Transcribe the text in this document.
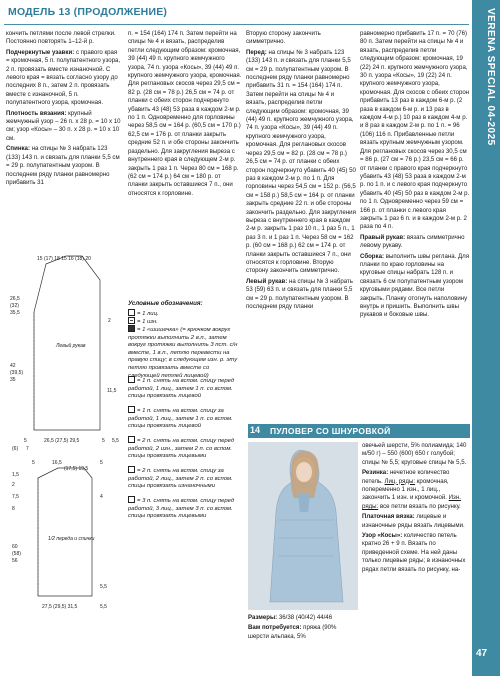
МОДЕЛЬ 13 (ПРОДОЛЖЕНИЕ)	VERENA SPECIAL 04-2025
47

кончить петлями после левой стрелки. Постоянно повторять 1–12-й р.

Подчеркнутые узавки: с правого края = кромочная, 5 п. полупатентного узора, 2 п. провязать вместе изнаночной. С левого края = вязать согласно узору до последних 8 п., затем 2 п. провязать вместе с изнаночной, 5 п. полупатентного узора, кромочная.

Плотность вязания: крупный жемчужный узор – 26 п. x 28 р. = 10 x 10 см; узор «Косы» – 30 п. x 28 р. = 10 x 10 см.

Спинка: на спицы № 3 набрать 123 (133) 143 п. и связать для планки 5,5 см = 29 р. полупатентным узором. В последнем ряду планки равномерно прибавить 31

п. = 154 (164) 174 п. Затем перейти на спицы № 4 и вязать, распределив петли следующим образом: кромочная, 39 (44) 49 п. крупного жемчужного узора, 74 п. узора «Косы», 39 (44) 49 п. крупного жемчужного узора, кромочная. Для реглановых скосов через 29,5 см = 82 р. (28 см = 78 р.) 26,5 см = 74 р. от планки с обеих сторон подчеркнуто убавить 43 (48) 53 раза в каждом 2-м р. по 1 п. Одновременно для горловины через 58,5 см = 164 р. (60,5 см = 170 р.) 62,5 см = 176 р. от планки закрыть средние 52 п. и обе стороны закончить раздельно. Для закругления выреза с внутреннего края в следующем 2-м р. закрыть 1 раз 1 п. Через 80 см = 168 р. (62 см = 174 р.) 64 см = 180 р. от планки закрыть оставшиеся 7 п., они относятся к горловине.

Условные обозначения:
= 1 лиц.
= 1 изн.
= 1 «шишечка» (= крючком вокруг протяжки выполнить 2 в.п., затем вокруг протяжки выполнить 3 пст. с/н вместе, 1 в.п., петлю перевести на правую спицу; в следующем изн. р. эту петлю провязать вместе со следующей петлей лицевой)
= 1 п. снять на вспом. спицу перед работой, 1 лиц., затем 1 п. со вспом. спицы провязать лицевой
= 1 п. снять на вспом. спицу за работой, 1 лиц., затем 1 п. со вспом. спицы провязать лицевой
= 2 п. снять на вспом. спицу перед работой, 2 изн., затем 2 п. со вспом. спицы провязать лицевыми
= 2 п. снять на вспом. спицу за работой, 2 лиц., затем 2 п. со вспом. спицы провязать изнаночными
= 3 п. снять на вспом. спицу перед работой, 3 лиц., затем 3 п. со вспом. спицы провязать лицевыми
15 (17) 18 15 16 (18) 20
26,5
(32)
35,5
42
(39,5)
35
Левый рукав
2
11,5
5	26,5 (27,5) 29,5	5
(6) 7
5,5
5	16,5
(17,5) 19,5
5
1,5
2
7,5
8
60
(58)
56
1/2 переда и спинки
4
5,5
27,5 (29,5) 31,5	5,5

Вторую сторону закончить симметрично.

Перед: на спицы № 3 набрать 123 (133) 143 п. и связать для планки 5,5 см = 29 р. полупатентным узором. В последнем ряду планки равномерно прибавить 31 п. = 154 (164) 174 п. Затем перейти на спицы № 4 и вязать, распределив петли следующим образом: кромочная, 39 (44) 49 п. крупного жемчужного узора, 74 п. узора «Косы», 39 (44) 49 п. крупного жемчужного узора, кромочная. Для реглановых скосов через 29,5 см = 82 р. (28 см = 78 р.) 26,5 см = 74 р. от планки с обеих сторон подчеркнуто убавить 40 (45) 50 раз в каждом 2-м р. по 1 п. Для горловины через 54,5 см = 152 р. (56,5 см = 158 р.) 58,5 см = 164 р. от планки закрыть средние 22 п. и обе стороны закончить раздельно. Для закругления выреза с внутреннего края в каждом 2-м р. закрыть 1 раз 10 п., 1 раз 5 п., 1 раз 3 п. и 1 раз 1 п. Через 58 см = 162 р. (60 см = 168 р.) 62 см = 174 р. от планки закрыть оставшиеся 7 п., они относятся к горловине. Вторую сторону закончить симметрично.

Левый рукав: на спицы № 3 набрать 53 (59) 63 п. и связать для планки 5,5 см = 29 р. полупатентным узором. В последнем ряду планки

равномерно прибавить 17 п. = 70 (76) 80 п. Затем перейти на спицы № 4 и вязать, распределив петли следующим образом: кромочная, 19 (22) 24 п. крупного жемчужного узора, 30 п. узора «Косы», 19 (22) 24 п. крупного жемчужного узора, кромочная. Для скосов с обеих сторон прибавить 13 раз в каждом 6-м р. (2 раза в каждом 6-м р. и 13 раз в каждом 4-м р.) 10 раз в каждом 4-м р. и 8 раз в каждом 2-м р. по 1 п. = 96 (106) 116 п. Прибавленные петли вязать крупным жемчужным узором. Для реглановых скосов через 30,5 см = 86 р. (27 см = 76 р.) 23,5 см = 66 р. от планки с правого края подчеркнуто убавить 43 (48) 53 раза в каждом 2-м р. по 1 п. и с левого края подчеркнуто убавить 40 (45) 50 раз в каждом 2-м р. по 1 п. Одновременно через 59 см = 166 р. от планки с левого края закрыть 1 раз 6 п. и в каждом 2-м р. 2 раза по 4 п.

Правый рукав: вязать симметрично левому рукаву.

Сборка: выполнить швы реглана. Для планки по краю горловины на круговые спицы набрать 128 п. и связать 6 см полупатентным узором круговыми рядами. Все петли закрыть. Планку отогнуть наполовину внутрь и пришить. Выполнить швы рукавов и боковые швы.

14 ПУЛОВЕР СО ШНУРОВКОЙ

Размеры: 36/38 (40/42) 44/46

Вам потребуется: пряжа (90% шерсти альпака, 5%

овечьей шерсти, 5% полиамида; 140 м/50 г) – 550 (600) 650 г голубой; спицы № 5,5; круговые спицы № 5,5.

Резинка: нечетное количество петель. Лиц. ряды: кромочная, попеременно 1 изн., 1 лиц., закончить 1 изн. и кромочной. Изн. ряды: все петли вязать по рисунку.

Платочная вязка: лицевые и изнаночные ряды вязать лицевыми.

Узор «Косы»: количество петель кратно 26 + 9 п. Вязать по приведенной схеме. На ней даны только лицевые ряды; в изнаночных рядах петли вязать по рисунку, на-
